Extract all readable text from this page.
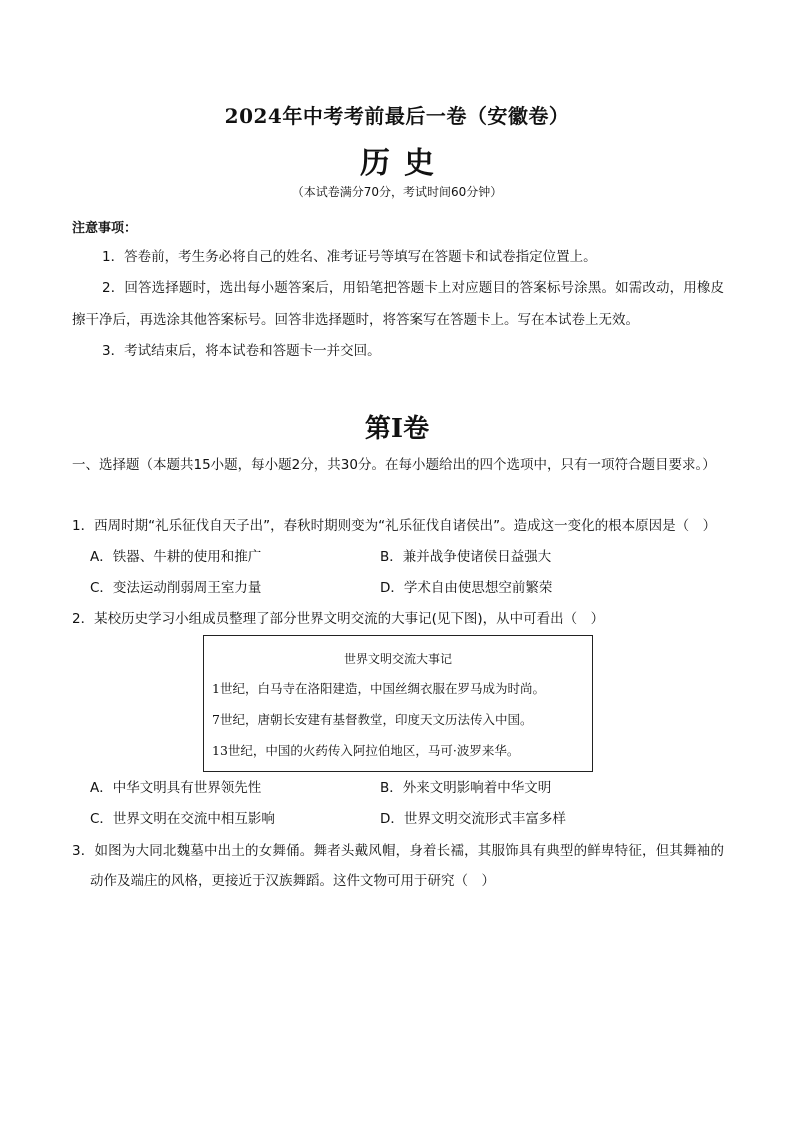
2024年中考考前最后一卷（安徽卷）
历史
（本试卷满分70分，考试时间60分钟）
注意事项：
1．答卷前，考生务必将自己的姓名、准考证号等填写在答题卡和试卷指定位置上。
2．回答选择题时，选出每小题答案后，用铅笔把答题卡上对应题目的答案标号涂黑。如需改动，用橡皮擦干净后，再选涂其他答案标号。回答非选择题时，将答案写在答题卡上。写在本试卷上无效。
3．考试结束后，将本试卷和答题卡一并交回。
第Ⅰ卷
一、选择题（本题共15小题，每小题2分，共30分。在每小题给出的四个选项中，只有一项符合题目要求。）
1．西周时期“礼乐征伐自天子出”，春秋时期则变为“礼乐征伐自诸侯出”。造成这一变化的根本原因是（　）
A．铁器、牛耕的使用和推广	B．兼并战争使诸侯日益强大
C．变法运动削弱周王室力量	D．学术自由使思想空前繁荣
2．某校历史学习小组成员整理了部分世界文明交流的大事记(见下图)，从中可看出（　）
世界文明交流大事记
1世纪，白马寺在洛阳建造，中国丝绸衣服在罗马成为时尚。
7世纪，唐朝长安建有基督教堂，印度天文历法传入中国。
13世纪，中国的火药传入阿拉伯地区，马可·波罗来华。
A．中华文明具有世界领先性	B．外来文明影响着中华文明
C．世界文明在交流中相互影响	D．世界文明交流形式丰富多样
3．如图为大同北魏墓中出土的女舞俑。舞者头戴风帽，身着长襦，其服饰具有典型的鲜卑特征，但其舞袖的动作及端庄的风格，更接近于汉族舞蹈。这件文物可用于研究（　）
